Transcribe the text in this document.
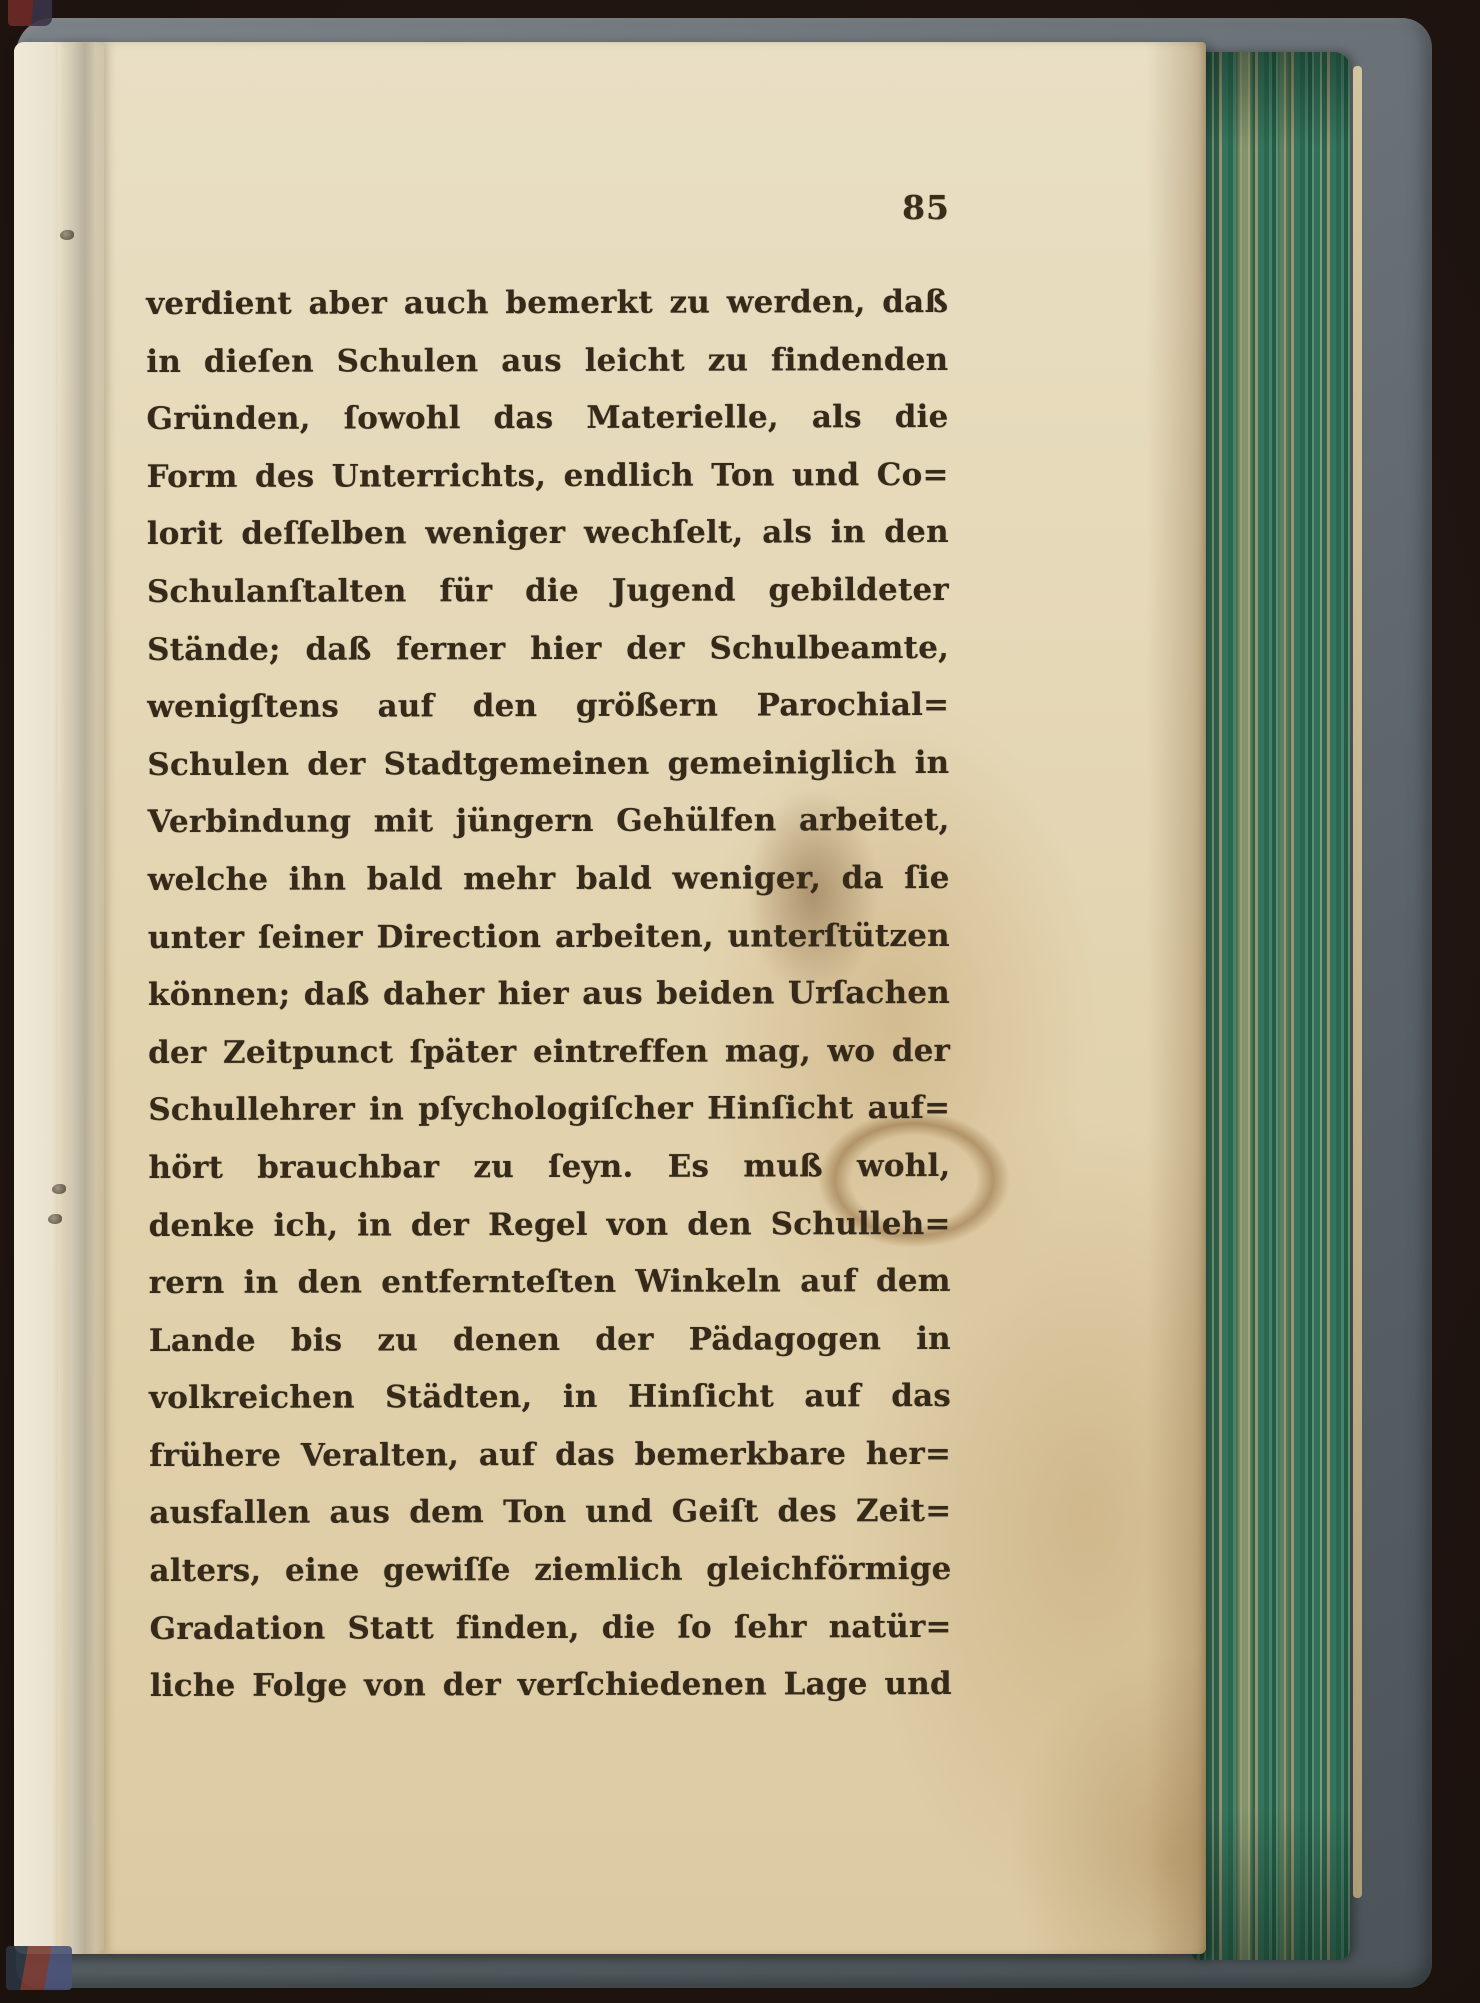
85
verdient aber auch bemerkt zu werden, daß
in dieſen Schulen aus leicht zu findenden
Gründen, ſowohl das Materielle, als die
Form des Unterrichts, endlich Ton und Co=
lorit deſſelben weniger wechſelt, als in den
Schulanſtalten für die Jugend gebildeter
Stände; daß ferner hier der Schulbeamte,
wenigſtens auf den größern Parochial=
Schulen der Stadtgemeinen gemeiniglich in
Verbindung mit jüngern Gehülfen arbeitet,
welche ihn bald mehr bald weniger, da ſie
unter ſeiner Direction arbeiten, unterſtützen
können; daß daher hier aus beiden Urſachen
der Zeitpunct ſpäter eintreffen mag, wo der
Schullehrer in pſychologiſcher Hinſicht auf=
hört brauchbar zu ſeyn. Es muß wohl,
denke ich, in der Regel von den Schulleh=
rern in den entfernteſten Winkeln auf dem
Lande bis zu denen der Pädagogen in
volkreichen Städten, in Hinſicht auf das
frühere Veralten, auf das bemerkbare her=
ausfallen aus dem Ton und Geiſt des Zeit=
alters, eine gewiſſe ziemlich gleichförmige
Gradation Statt finden, die ſo ſehr natür=
liche Folge von der verſchiedenen Lage und
